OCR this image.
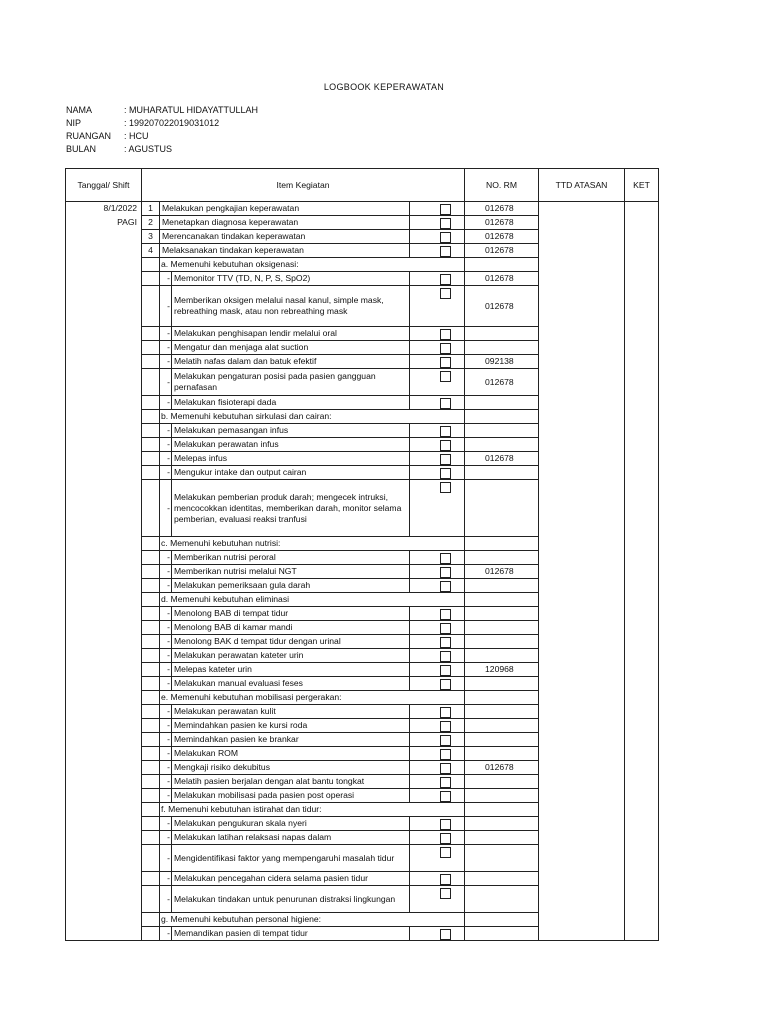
LOGBOOK KEPERAWATAN
NAMA	: MUHARATUL HIDAYATTULLAH
NIP	: 199207022019031012
RUANGAN : HCU
BULAN	: AGUSTUS
Tanggal/ Shift	Item Kegiatan				NO. RM	TTD ATASAN	KET
8/1/2022	1	Melakukan pengkajian keperawatan			012678		
PAGI	2	Menetapkan diagnosa keperawatan			012678		
	3	Merencanakan tindakan keperawatan			012678		
	4	Melaksanakan tindakan keperawatan			012678		
		a. Memenuhi kebutuhan oksigenasi:					
		-	Memonitor TTV (TD, N, P, S, SpO2)		012678		
		-	Memberikan oksigen melalui nasal kanul, simple mask, rebreathing mask, atau non rebreathing mask		012678		
		-	Melakukan penghisapan lendir melalui oral	

		-	Mengatur dan menjaga alat suction	

		-	Melatih nafas dalam dan batuk efektif		092138		
		-	Melakukan pengaturan posisi pada pasien gangguan pernafasan		012678		
		-	Melakukan fisioterapi dada	

		b. Memenuhi kebutuhan sirkulasi dan cairan:					
		-	Melakukan pemasangan infus	

		-	Melakukan perawatan infus	

		-	Melepas infus		012678		
		-	Mengukur intake dan output cairan	

		-	Melakukan pemberian produk darah; mengecek intruksi, mencocokkan identitas, memberikan darah, monitor selama pemberian, evaluasi reaksi tranfusi	

		c. Memenuhi kebutuhan nutrisi:					
		-	Memberikan nutrisi peroral	

		-	Memberikan nutrisi melalui NGT		012678		
		-	Melakukan pemeriksaan gula darah	

		d. Memenuhi kebutuhan eliminasi					
		-	Menolong BAB di tempat tidur	

		-	Menolong BAB di kamar mandi	

		-	Menolong BAK d tempat tidur dengan urinal	

		-	Melakukan perawatan kateter urin	

		-	Melepas kateter urin		120968		
		-	Melakukan manual evaluasi feses	

		e. Memenuhi kebutuhan mobilisasi pergerakan:					
		-	Melakukan perawatan kulit	

		-	Memindahkan pasien ke kursi roda	

		-	Memindahkan pasien ke brankar	

		-	Melakukan ROM	

		-	Mengkaji risiko dekubitus		012678		
		-	Melatih pasien berjalan dengan alat bantu tongkat	

		-	Melakukan mobilisasi pada pasien post operasi	

		f. Memenuhi kebutuhan istirahat dan tidur:					
		-	Melakukan pengukuran skala nyeri	

		-	Melakukan latihan relaksasi napas dalam	

		-	Mengidentifikasi faktor yang mempengaruhi masalah tidur	

		-	Melakukan pencegahan cidera selama pasien tidur	

		-	Melakukan tindakan untuk penurunan distraksi lingkungan	

		g. Memenuhi kebutuhan personal higiene:					
		-	Memandikan pasien di tempat tidur	
